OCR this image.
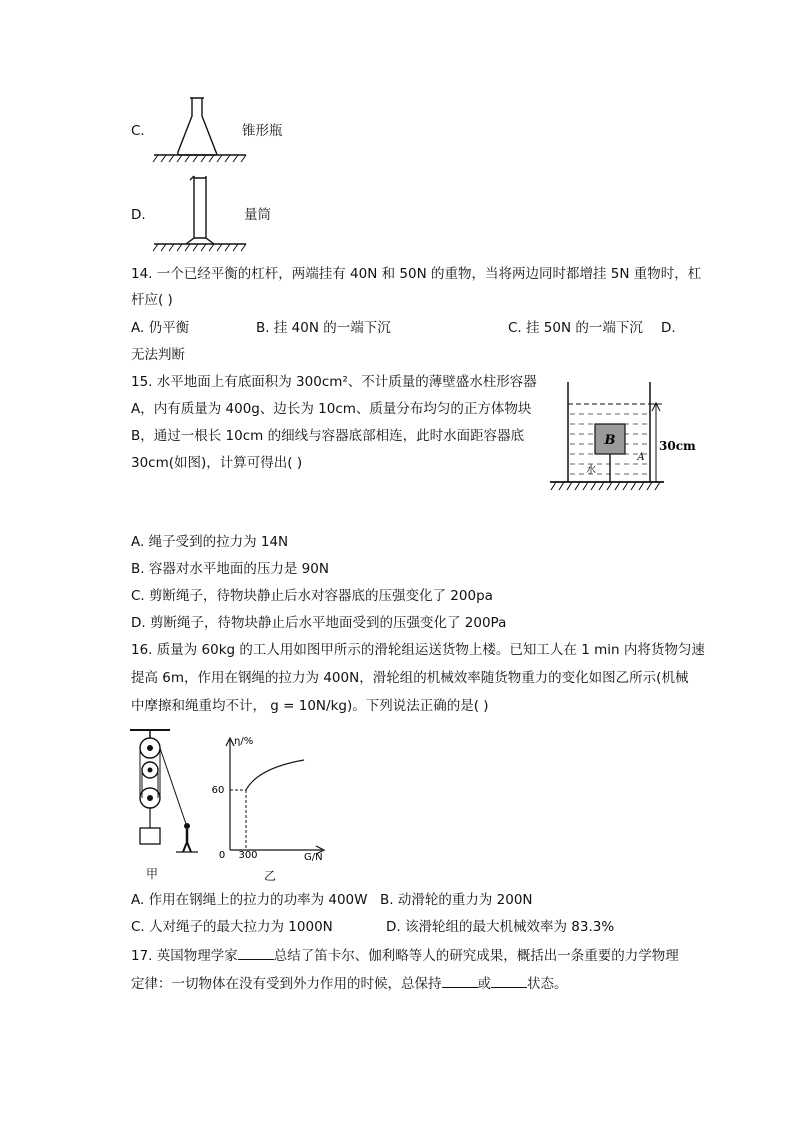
C.	锥形瓶
D.	量筒
14. 一个已经平衡的杠杆，两端挂有 40N 和 50N 的重物，当将两边同时都增挂 5N 重物时，杠
杆应( )
A. 仍平衡	B. 挂 40N 的一端下沉	C. 挂 50N 的一端下沉 D.
无法判断
15. 水平地面上有底面积为 300cm²、不计质量的薄壁盛水柱形容器
A，内有质量为 400g、边长为 10cm、质量分布均匀的正方体物块
B，通过一根长 10cm 的细线与容器底部相连，此时水面距容器底
30cm(如图)，计算可得出( )
B
水
A
30cm
A. 绳子受到的拉力为 14N
B. 容器对水平地面的压力是 90N
C. 剪断绳子，待物块静止后水对容器底的压强变化了 200pa
D. 剪断绳子，待物块静止后水平地面受到的压强变化了 200Pa
16. 质量为 60kg 的工人用如图甲所示的滑轮组运送货物上楼。已知工人在 1 min 内将货物匀速
提高 6m，作用在钢绳的拉力为 400N，滑轮组的机械效率随货物重力的变化如图乙所示(机械
中摩擦和绳重均不计， g = 10N/kg)。下列说法正确的是( )
甲
η/%
60
0 300	G/N
乙
A. 作用在钢绳上的拉力的功率为 400W B. 动滑轮的重力为 200N
C. 人对绳子的最大拉力为 1000N	D. 该滑轮组的最大机械效率为 83.3%
17. 英国物理学家	总结了笛卡尔、伽利略等人的研究成果，概括出一条重要的力学物理
定律：一切物体在没有受到外力作用的时候，总保持	或	状态。
